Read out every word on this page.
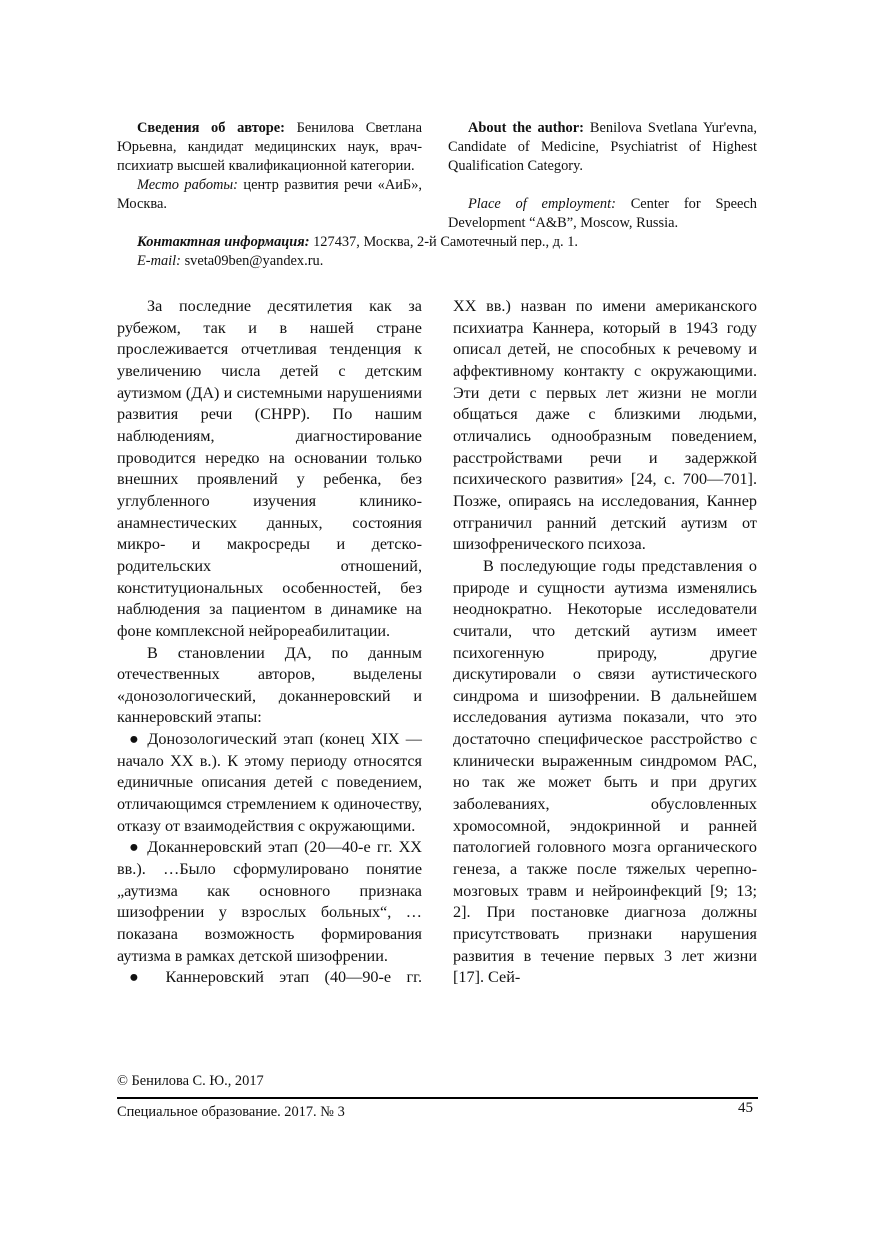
Сведения об авторе: Бенилова Светлана Юрьевна, кандидат медицинских наук, врач-психиатр высшей квалификационной категории.

Место работы: центр развития речи «АиБ», Москва.

About the author: Benilova Svetlana Yur'evna, Candidate of Medicine, Psychiatrist of Highest Qualification Category.

Place of employment: Center for Speech Development “A&B”, Moscow, Russia.

Контактная информация: 127437, Москва, 2-й Самотечный пер., д. 1.
E-mail: sveta09ben@yandex.ru.

За последние десятилетия как за рубежом, так и в нашей стране прослеживается отчетливая тенденция к увеличению числа детей с детским аутизмом (ДА) и системными нарушениями развития речи (СНРР). По нашим наблюдениям, диагностирование проводится нередко на основании только внешних проявлений у ребенка, без углубленного изучения клинико-анамнестических данных, состояния микро- и макросреды и детско-родительских отношений, конституциональных особенностей, без наблюдения за пациентом в динамике на фоне комплексной нейрореабилитации.

В становлении ДА, по данным отечественных авторов, выделены «донозологический, доканнеровский и каннеровский этапы:

● Донозологический этап (конец XIX — начало XX в.). К этому периоду относятся единичные описания детей с поведением, отличающимся стремлением к одиночеству, отказу от взаимодействия с окружающими.

● Доканнеровский этап (20—40-е гг. XX вв.). …Было сформулировано понятие „аутизма как основного признака шизофрении у взрослых больных“, …показана возможность формирования аутизма в рамках детской шизофрении.

● Каннеровский этап (40—90-е гг.

XX вв.) назван по имени американского психиатра Каннера, который в 1943 году описал детей, не способных к речевому и аффективному контакту с окружающими. Эти дети с первых лет жизни не могли общаться даже с близкими людьми, отличались однообразным поведением, расстройствами речи и задержкой психического развития» [24, с. 700—701]. Позже, опираясь на исследования, Каннер отграничил ранний детский аутизм от шизофренического психоза.

В последующие годы представления о природе и сущности аутизма изменялись неоднократно. Некоторые исследователи считали, что детский аутизм имеет психогенную природу, другие дискутировали о связи аутистического синдрома и шизофрении. В дальнейшем исследования аутизма показали, что это достаточно специфическое расстройство с клинически выраженным синдромом РАС, но так же может быть и при других заболеваниях, обусловленных хромосомной, эндокринной и ранней патологией головного мозга органического генеза, а также после тяжелых черепно-мозговых травм и нейроинфекций [9; 13; 2]. При постановке диагноза должны присутствовать признаки нарушения развития в течение первых 3 лет жизни [17]. Сей-

© Бенилова С. Ю., 2017
Специальное образование. 2017. № 3	45
